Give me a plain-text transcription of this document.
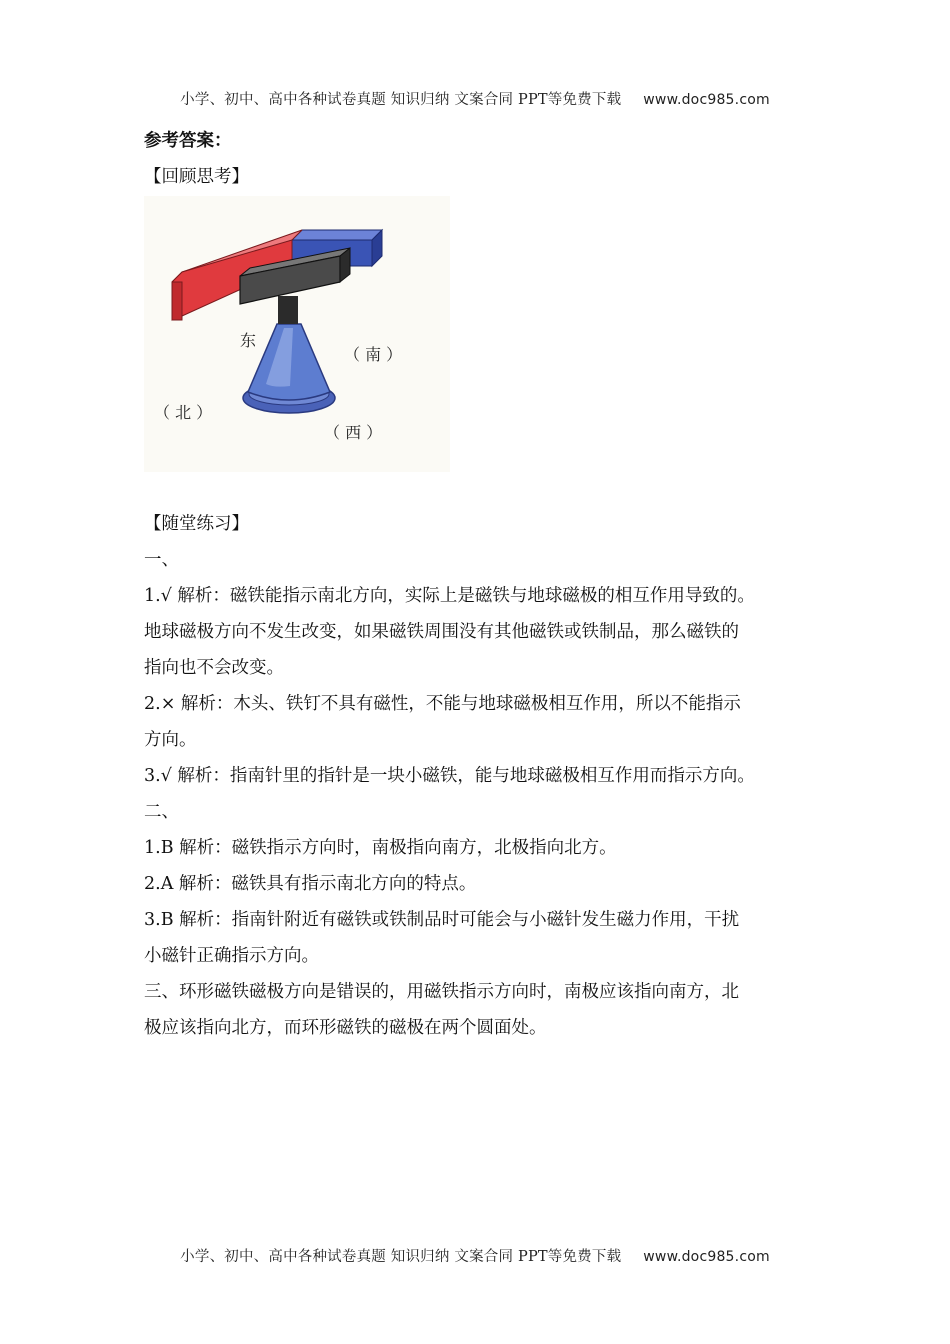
小学、初中、高中各种试卷真题 知识归纳 文案合同 PPT等免费下载 www.doc985.com

参考答案：

【回顾思考】

东
（ 南 ）
（ 北 ）
（ 西 ）

【随堂练习】

一、

1.√ 解析：磁铁能指示南北方向，实际上是磁铁与地球磁极的相互作用导致的。

地球磁极方向不发生改变，如果磁铁周围没有其他磁铁或铁制品，那么磁铁的

指向也不会改变。

2.× 解析：木头、铁钉不具有磁性，不能与地球磁极相互作用，所以不能指示

方向。

3.√ 解析：指南针里的指针是一块小磁铁，能与地球磁极相互作用而指示方向。

二、

1.B 解析：磁铁指示方向时，南极指向南方，北极指向北方。

2.A 解析：磁铁具有指示南北方向的特点。

3.B 解析：指南针附近有磁铁或铁制品时可能会与小磁针发生磁力作用，干扰

小磁针正确指示方向。

三、环形磁铁磁极方向是错误的，用磁铁指示方向时，南极应该指向南方，北

极应该指向北方，而环形磁铁的磁极在两个圆面处。

小学、初中、高中各种试卷真题 知识归纳 文案合同 PPT等免费下载 www.doc985.com
